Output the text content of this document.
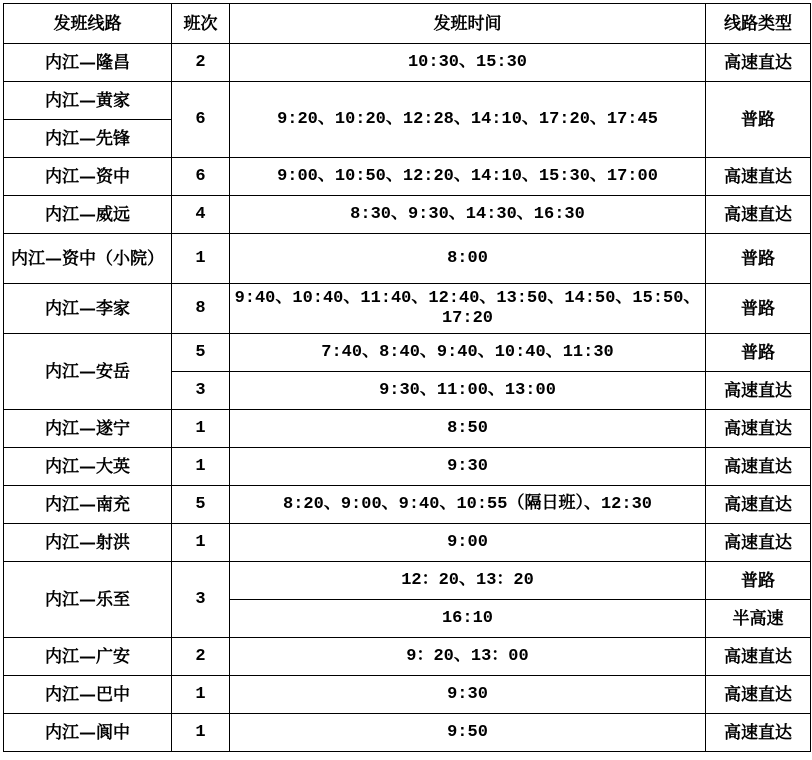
发班线路	班次	发班时间	线路类型
内江—隆昌	2	10:30、15:30	高速直达
内江—黄家	6	9:20、10:20、12:28、14:10、17:20、17:45	普路
内江—先锋			
内江—资中	6	9:00、10:50、12:20、14:10、15:30、17:00	高速直达
内江—威远	4	8:30、9:30、14:30、16:30	高速直达
内江—资中（小院）	1	8:00	普路
内江—李家	8	9:40、10:40、11:40、12:40、13:50、14:50、15:50、17:20	普路
内江—安岳	5	7:40、8:40、9:40、10:40、11:30	普路
	3	9:30、11:00、13:00	高速直达
内江—遂宁	1	8:50	高速直达
内江—大英	1	9:30	高速直达
内江—南充	5	8:20、9:00、9:40、10:55（隔日班）、12:30	高速直达
内江—射洪	1	9:00	高速直达
内江—乐至	3	12：20、13：20	普路
		16:10	半高速
内江—广安	2	9：20、13：00	高速直达
内江—巴中	1	9:30	高速直达
内江—阆中	1	9:50	高速直达
